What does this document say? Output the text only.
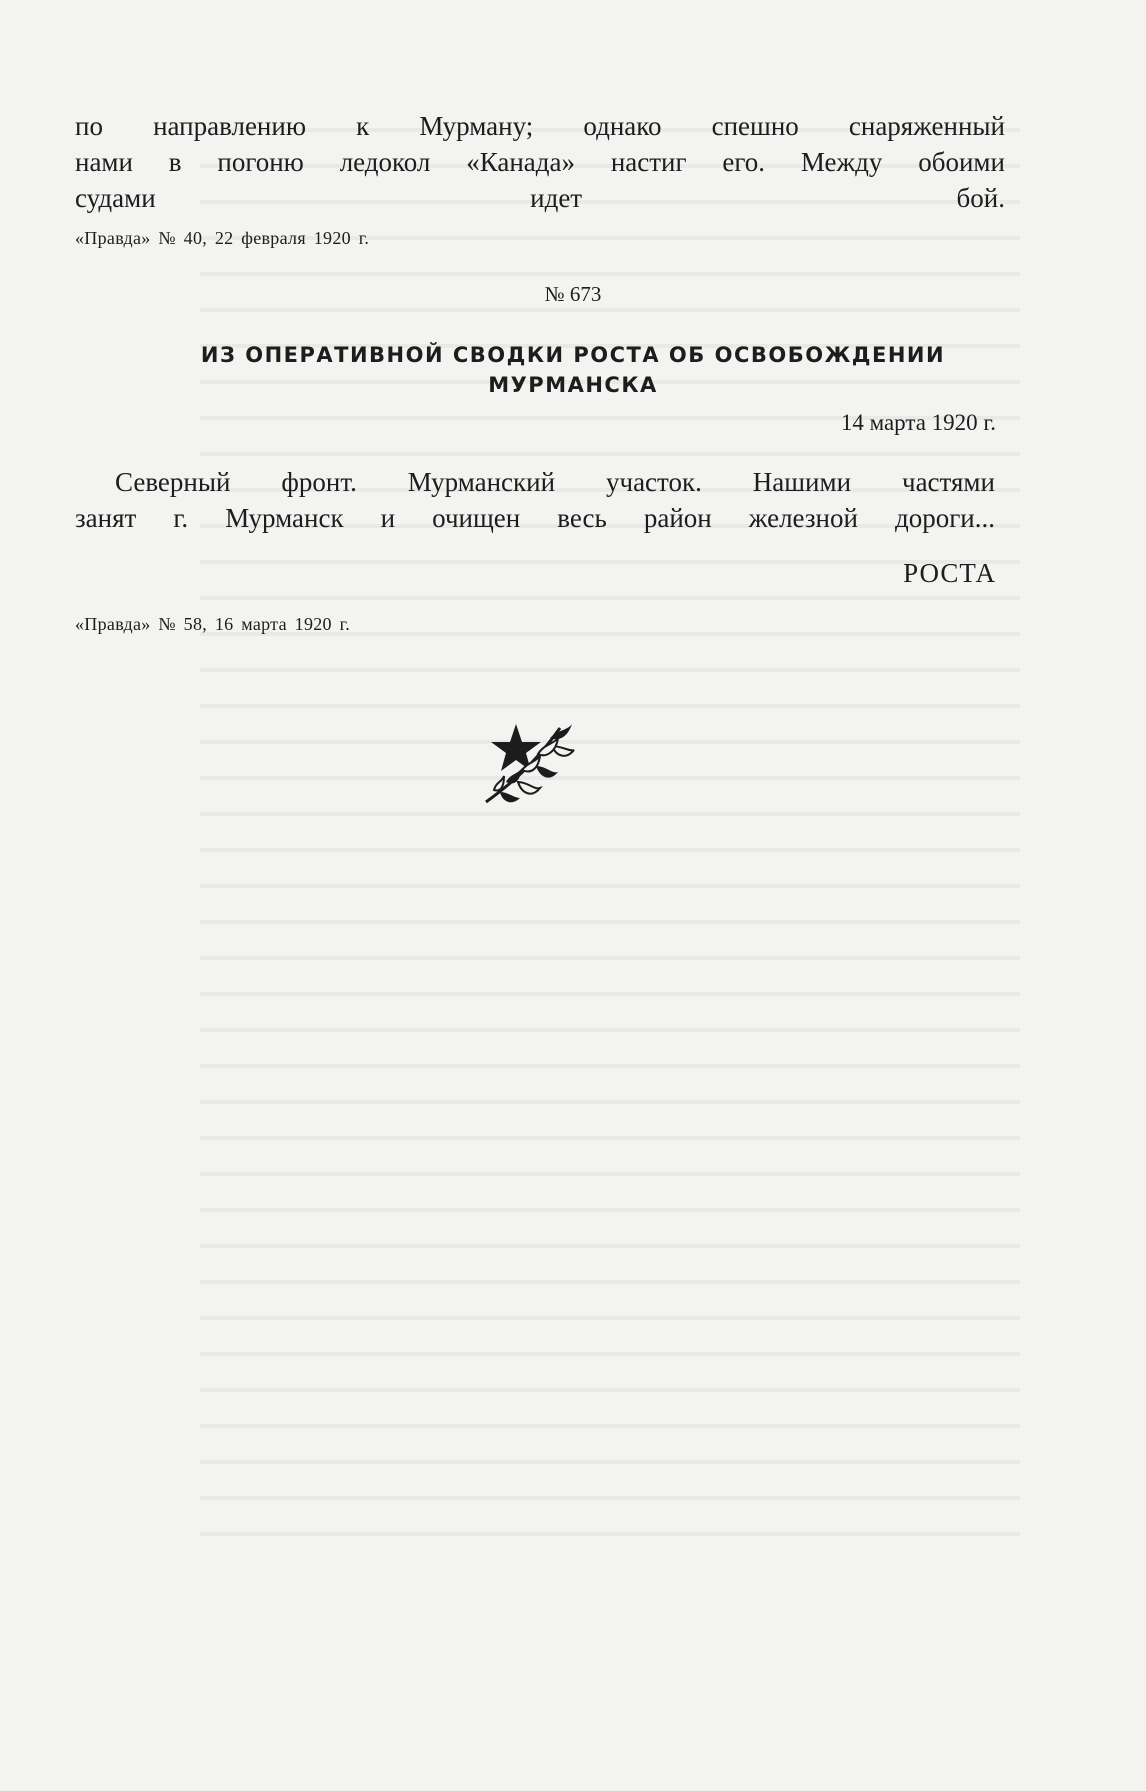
по направлению к Мурману; однако спешно снаряженный
нами в погоню ледокол «Канада» настиг его. Между обоими
судами идет бой.
«Правда» № 40, 22 февраля 1920 г.
№ 673
ИЗ ОПЕРАТИВНОЙ СВОДКИ РОСТА ОБ ОСВОБОЖДЕНИИ
МУРМАНСКА
14 марта 1920 г.
Северный фронт. Мурманский участок. Нашими частями
занят г. Мурманск и очищен весь район железной дороги...
РОСТА
«Правда» № 58, 16 марта 1920 г.
